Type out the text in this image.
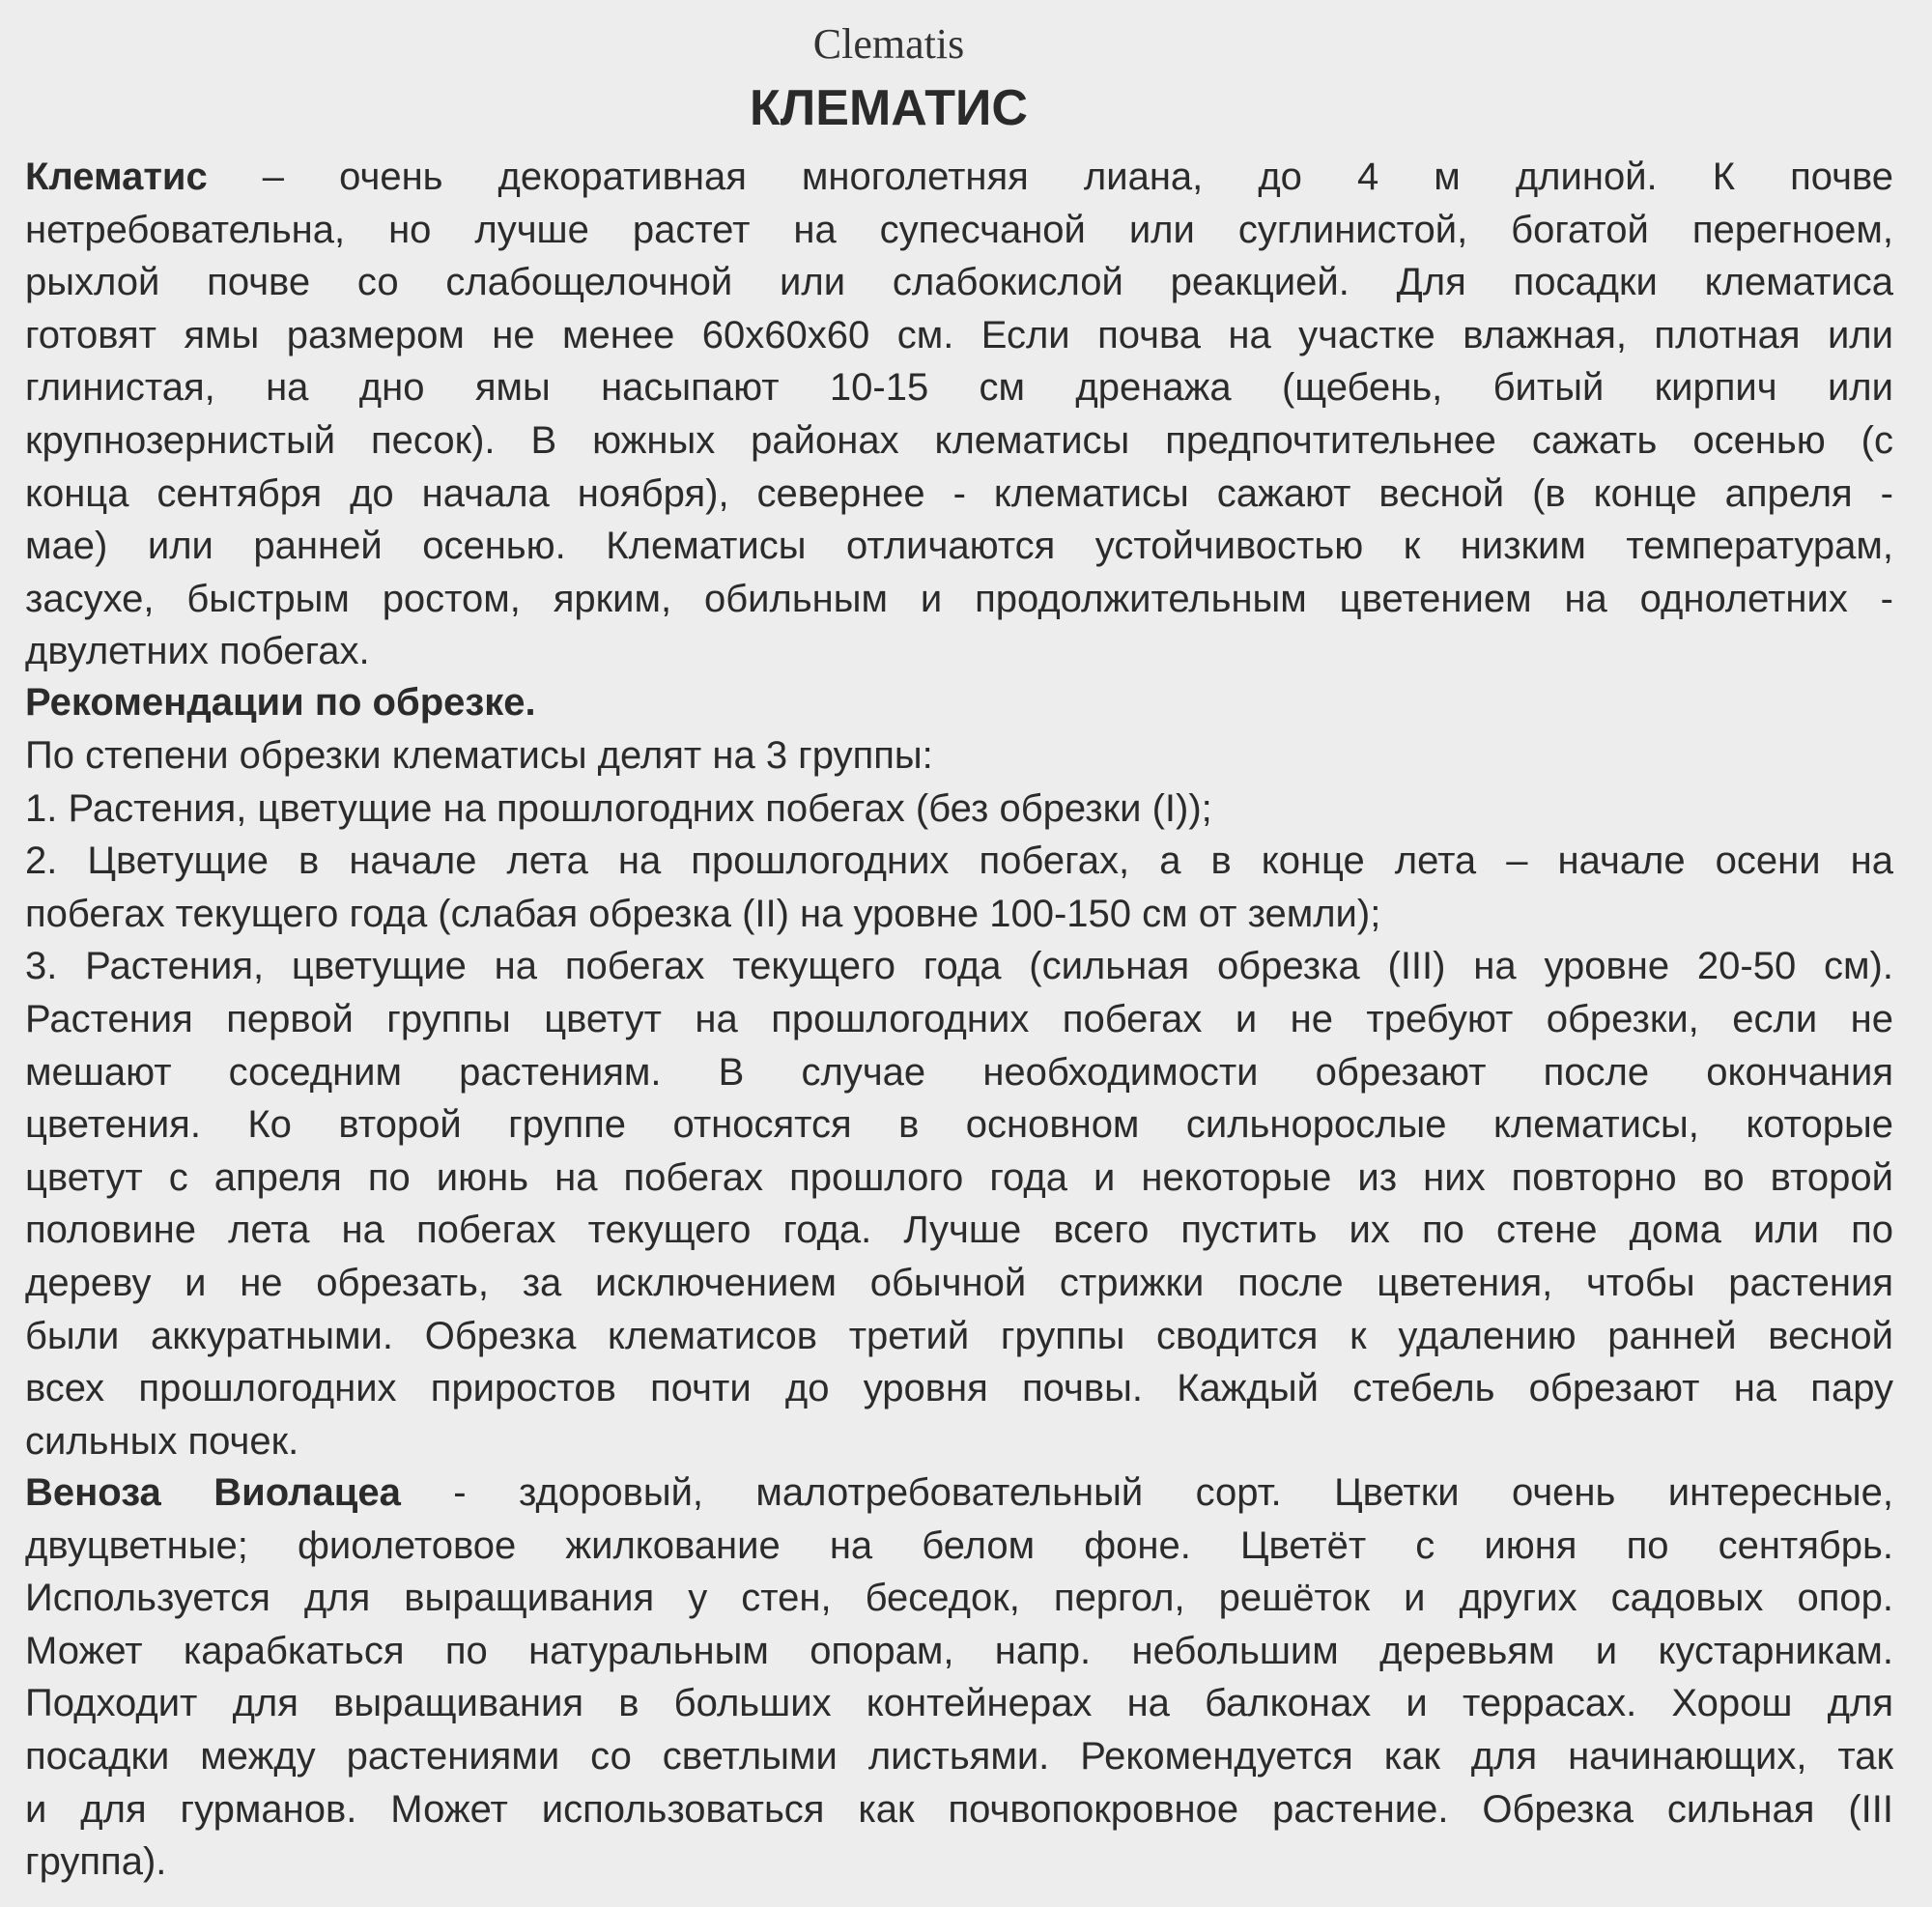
Clematis
КЛЕМАТИС
Клематис – очень декоративная многолетняя лиана, до 4 м длиной. К почве
нетребовательна, но лучше растет на супесчаной или суглинистой, богатой перегноем,
рыхлой почве со слабощелочной или слабокислой реакцией. Для посадки клематиса
готовят ямы размером не менее 60х60х60 см. Если почва на участке влажная, плотная или
глинистая, на дно ямы насыпают 10-15 см дренажа (щебень, битый кирпич или
крупнозернистый песок). В южных районах клематисы предпочтительнее сажать осенью (с
конца сентября до начала ноября), севернее - клематисы сажают весной (в конце апреля -
мае) или ранней осенью. Клематисы отличаются устойчивостью к низким температурам,
засухе, быстрым ростом, ярким, обильным и продолжительным цветением на однолетних -
двулетних побегах.
Рекомендации по обрезке.
По степени обрезки клематисы делят на 3 группы:
1. Растения, цветущие на прошлогодних побегах (без обрезки (I));
2. Цветущие в начале лета на прошлогодних побегах, а в конце лета – начале осени на
побегах текущего года (слабая обрезка (II) на уровне 100-150 см от земли);
3. Растения, цветущие на побегах текущего года (сильная обрезка (III) на уровне 20-50 см).
Растения первой группы цветут на прошлогодних побегах и не требуют обрезки, если не
мешают соседним растениям. В случае необходимости обрезают после окончания
цветения. Ко второй группе относятся в основном сильнорослые клематисы, которые
цветут с апреля по июнь на побегах прошлого года и некоторые из них повторно во второй
половине лета на побегах текущего года. Лучше всего пустить их по стене дома или по
дереву и не обрезать, за исключением обычной стрижки после цветения, чтобы растения
были аккуратными. Обрезка клематисов третий группы сводится к удалению ранней весной
всех прошлогодних приростов почти до уровня почвы. Каждый стебель обрезают на пару
сильных почек.
Веноза Виолацеа - здоровый, малотребовательный сорт. Цветки очень интересные,
двуцветные; фиолетовое жилкование на белом фоне. Цветёт с июня по сентябрь.
Используется для выращивания у стен, беседок, пергол, решёток и других садовых опор.
Может карабкаться по натуральным опорам, напр. небольшим деревьям и кустарникам.
Подходит для выращивания в больших контейнерах на балконах и террасах. Хорош для
посадки между растениями со светлыми листьями. Рекомендуется как для начинающих, так
и для гурманов. Может использоваться как почвопокровное растение. Обрезка сильная (III
группа).
